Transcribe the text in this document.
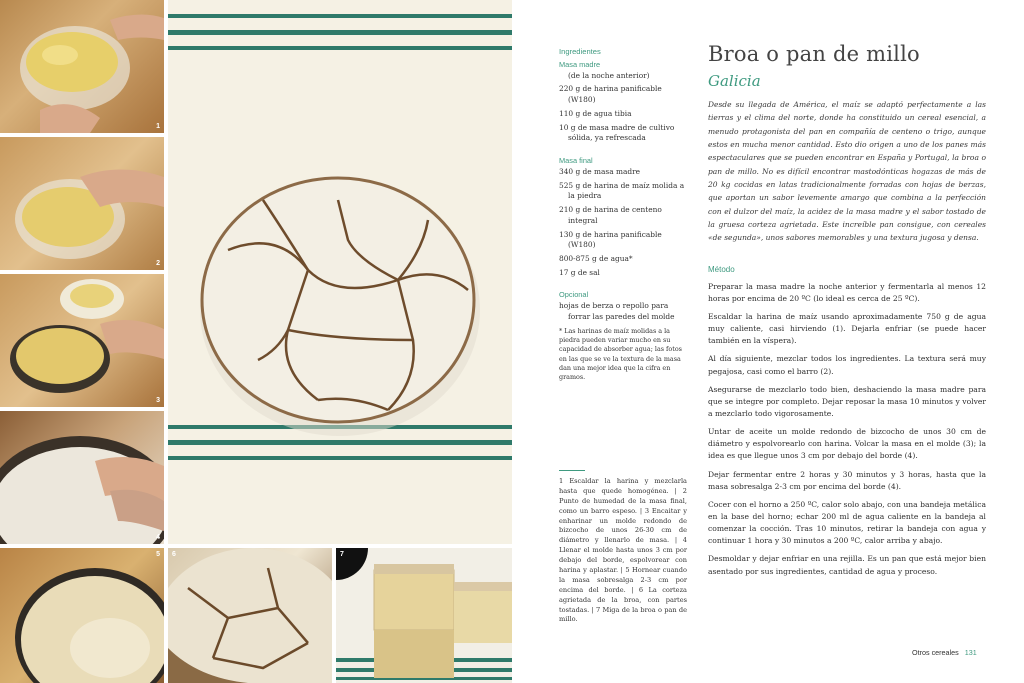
1
2
3
4
5 6	7
Ingredientes
Masa madre
(de la noche anterior)
220 g de harina panificable (W180)
110 g de agua tibia
10 g de masa madre de cultivo sólida, ya refrescada
Masa final
340 g de masa madre
525 g de harina de maíz molida a la piedra
210 g de harina de centeno integral
130 g de harina panificable (W180)
800-875 g de agua*
17 g de sal
Opcional
hojas de berza o repollo para forrar las paredes del molde
* Las harinas de maíz molidas a la piedra pueden variar mucho en su capacidad de absorber agua; las fotos en las que se ve la textura de la masa dan una mejor idea que la cifra en gramos.
1 Escaldar la harina y mezclarla hasta que quede homogénea. | 2 Punto de humedad de la masa final, como un barro espeso. | 3 Encaitar y enharinar un molde redondo de bizcocho de unos 26-30 cm de diámetro y llenarlo de masa. | 4 Llenar el molde hasta unos 3 cm por debajo del borde, espolvorear con harina y aplastar. | 5 Hornear cuando la masa sobresalga 2-3 cm por encima del borde. | 6 La corteza agrietada de la broa, con partes tostadas. | 7 Miga de la broa o pan de millo.
Broa o pan de millo
Galicia

Desde su llegada de América, el maíz se adaptó perfectamente a las tierras y el clima del norte, donde ha constituido un cereal esencial, a menudo protagonista del pan en compañía de centeno o trigo, aunque estos en mucha menor cantidad. Esto dio origen a uno de los panes más espectaculares que se pueden encontrar en España y Portugal, la broa o pan de millo. No es difícil encontrar mastodónticas hogazas de más de 20 kg cocidas en latas tradicionalmente forradas con hojas de berzas, que aportan un sabor levemente amargo que combina a la perfección con el dulzor del maíz, la acidez de la masa madre y el sabor tostado de la gruesa corteza agrietada. Este increíble pan consigue, con cereales «de segunda», unos sabores memorables y una textura jugosa y densa.

Método

Preparar la masa madre la noche anterior y fermentarla al menos 12 horas por encima de 20 ºC (lo ideal es cerca de 25 ºC).

Escaldar la harina de maíz usando aproximadamente 750 g de agua muy caliente, casi hirviendo (1). Dejarla enfriar (se puede hacer también en la víspera).

Al día siguiente, mezclar todos los ingredientes. La textura será muy pegajosa, casi como el barro (2).

Asegurarse de mezclarlo todo bien, deshaciendo la masa madre para que se integre por completo. Dejar reposar la masa 10 minutos y volver a mezclarlo todo vigorosamente.

Untar de aceite un molde redondo de bizcocho de unos 30 cm de diámetro y espolvorearlo con harina. Volcar la masa en el molde (3); la idea es que llegue unos 3 cm por debajo del borde (4).

Dejar fermentar entre 2 horas y 30 minutos y 3 horas, hasta que la masa sobresalga 2-3 cm por encima del borde (4).

Cocer con el horno a 250 ºC, calor solo abajo, con una bandeja metálica en la base del horno; echar 200 ml de agua caliente en la bandeja al comenzar la cocción. Tras 10 minutos, retirar la bandeja con agua y continuar 1 hora y 30 minutos a 200 ºC, calor arriba y abajo.

Desmoldar y dejar enfriar en una rejilla. Es un pan que está mejor bien asentado por sus ingredientes, cantidad de agua y proceso.

Otros cereales 131
